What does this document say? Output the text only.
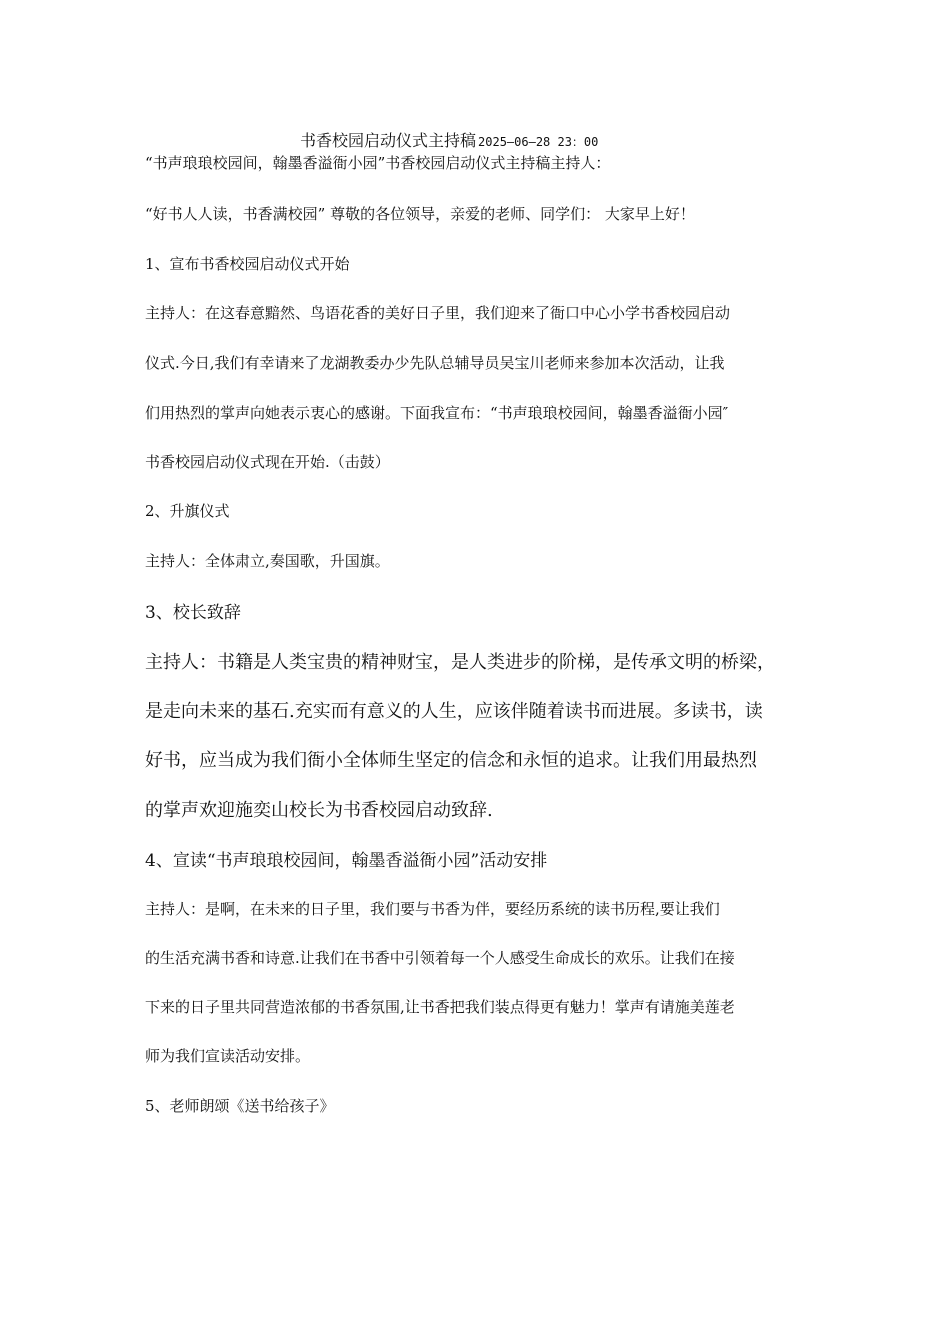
书香校园启动仪式主持稿 2025—06—28 23：00
“书声琅琅校园间，翰墨香溢衙小园”书香校园启动仪式主持稿主持人：
“好书人人读，书香满校园” 尊敬的各位领导，亲爱的老师、同学们： 大家早上好！
1、宣布书香校园启动仪式开始
主持人：在这春意黯然、鸟语花香的美好日子里，我们迎来了衙口中心小学书香校园启动
仪式.今日,我们有幸请来了龙湖教委办少先队总辅导员吴宝川老师来参加本次活动，让我
们用热烈的掌声向她表示衷心的感谢。下面我宣布：“书声琅琅校园间，翰墨香溢衙小园″
书香校园启动仪式现在开始.（击鼓）
2、升旗仪式
主持人：全体肃立,奏国歌，升国旗。
3、校长致辞
主持人：书籍是人类宝贵的精神财宝，是人类进步的阶梯，是传承文明的桥梁，
是走向未来的基石.充实而有意义的人生，应该伴随着读书而进展。多读书，读
好书，应当成为我们衙小全体师生坚定的信念和永恒的追求。让我们用最热烈
的掌声欢迎施奕山校长为书香校园启动致辞.
4、宣读“书声琅琅校园间，翰墨香溢衙小园”活动安排
主持人：是啊，在未来的日子里，我们要与书香为伴，要经历系统的读书历程,要让我们
的生活充满书香和诗意.让我们在书香中引领着每一个人感受生命成长的欢乐。让我们在接
下来的日子里共同营造浓郁的书香氛围,让书香把我们装点得更有魅力！掌声有请施美莲老
师为我们宣读活动安排。
5、老师朗颂《送书给孩子》
